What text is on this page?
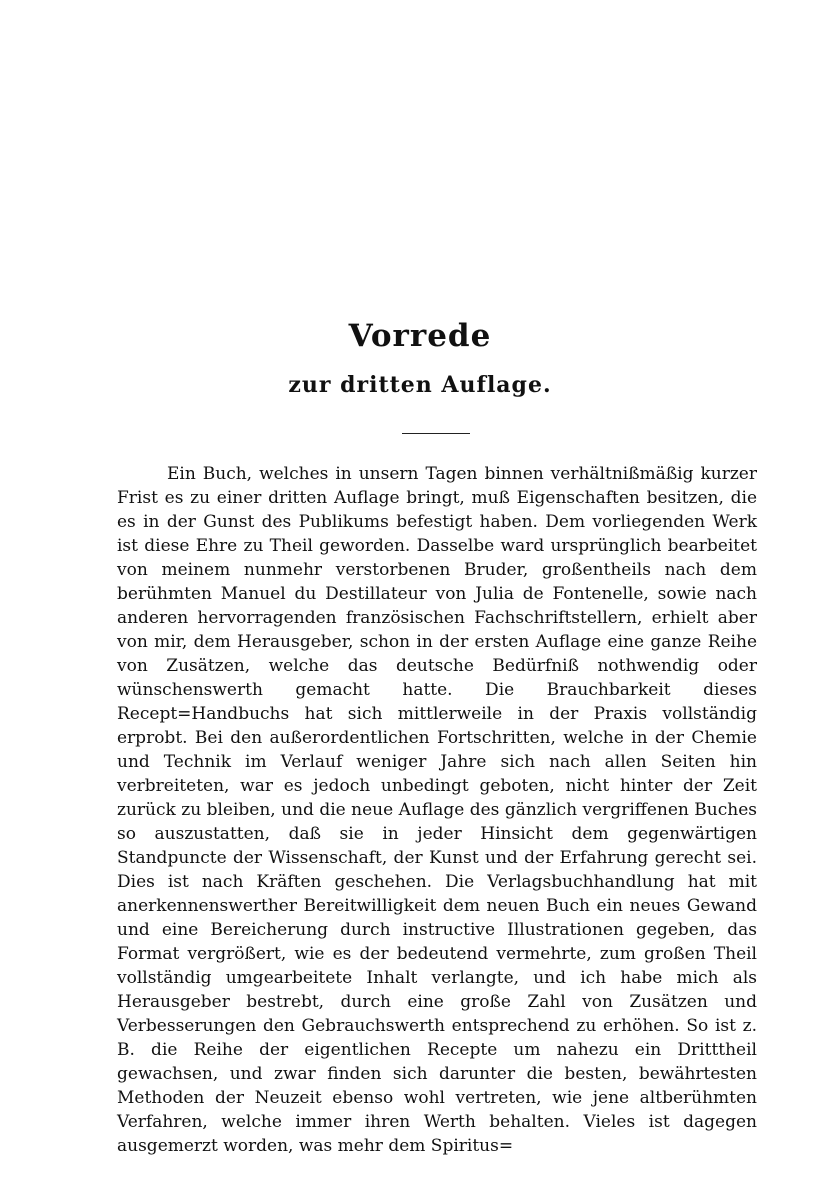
Vorrede
zur dritten Auflage.

Ein Buch, welches in unsern Tagen binnen verhältnißmäßig kurzer Frist es zu einer dritten Auflage bringt, muß Eigenschaften besitzen, die es in der Gunst des Publikums befestigt haben. Dem vorliegenden Werk ist diese Ehre zu Theil geworden. Dasselbe ward ursprünglich bearbeitet von meinem nunmehr verstorbenen Bruder, großentheils nach dem berühmten Manuel du Destillateur von Julia de Fontenelle, sowie nach anderen hervorragenden französischen Fachschriftstellern, erhielt aber von mir, dem Herausgeber, schon in der ersten Auflage eine ganze Reihe von Zusätzen, welche das deutsche Bedürfniß nothwendig oder wünschenswerth gemacht hatte. Die Brauchbarkeit dieses Recept=Handbuchs hat sich mittlerweile in der Praxis vollständig erprobt. Bei den außerordentlichen Fortschritten, welche in der Chemie und Technik im Verlauf weniger Jahre sich nach allen Seiten hin verbreiteten, war es jedoch unbedingt geboten, nicht hinter der Zeit zurück zu bleiben, und die neue Auflage des gänzlich vergriffenen Buches so auszustatten, daß sie in jeder Hinsicht dem gegenwärtigen Standpuncte der Wissenschaft, der Kunst und der Erfahrung gerecht sei. Dies ist nach Kräften geschehen. Die Verlagsbuchhandlung hat mit anerkennenswerther Bereitwilligkeit dem neuen Buch ein neues Gewand und eine Bereicherung durch instructive Illustrationen gegeben, das Format vergrößert, wie es der bedeutend vermehrte, zum großen Theil vollständig umgearbeitete Inhalt verlangte, und ich habe mich als Herausgeber bestrebt, durch eine große Zahl von Zusätzen und Verbesserungen den Gebrauchswerth entsprechend zu erhöhen. So ist z. B. die Reihe der eigentlichen Recepte um nahezu ein Dritttheil gewachsen, und zwar finden sich darunter die besten, bewährtesten Methoden der Neuzeit ebenso wohl vertreten, wie jene altberühmten Verfahren, welche immer ihren Werth behalten. Vieles ist dagegen ausgemerzt worden, was mehr dem Spiritus=
